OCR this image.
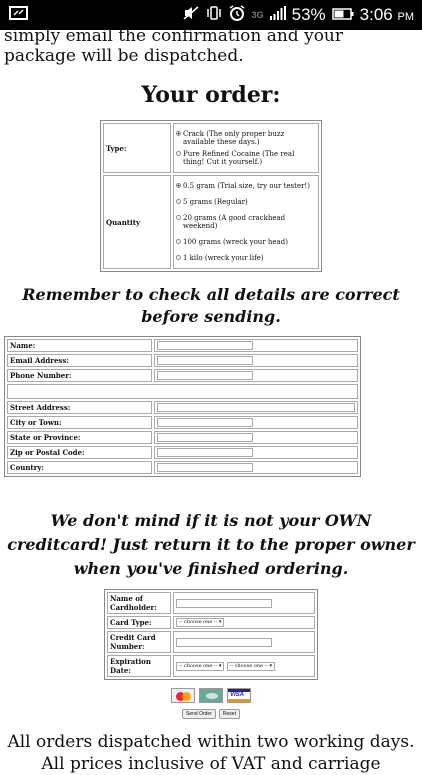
3G 53% 3:06 PM
simply email the confirmation and your package will be dispatched.
Your order:
Type:	Crack (The only proper buzz available these days.)
Pure Refined Cocaine (The real thing! Cut it yourself.)

Quantity	0.5 gram (Trial size, try our tester!)
5 grams (Regular)
20 grams (A good crackhead weekend)
100 grams (wreck your head)
1 kilo (wreck your life)
Remember to check all details are correct before sending.
Name:	
Email Address:	
Phone Number:	

Street Address:	
City or Town:	
State or Province:	
Zip or Postal Code:	
Country:	
We don't mind if it is not your OWN creditcard! Just return it to the proper owner when you've finished ordering.
Name of Cardholder:	
Card Type:	-- choose one -- ▾
Credit Card Number:	
Expiration Date:	-- choose one -- ▾ -- choose one -- ▾
VISA
Send Order	Reset
All orders dispatched within two working days. All prices inclusive of VAT and carriage
